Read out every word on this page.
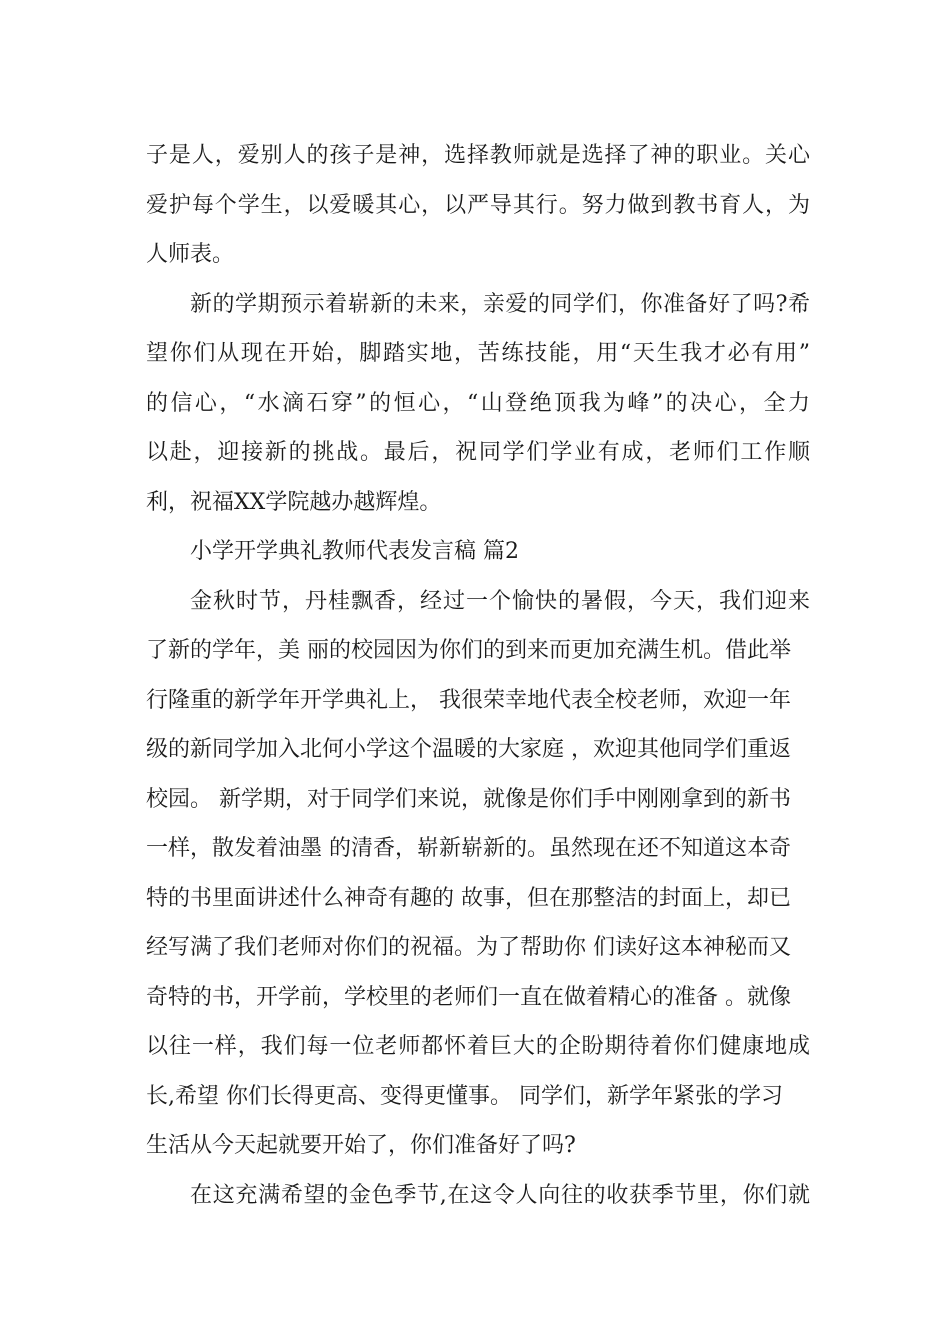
子是人，爱别人的孩子是神，选择教师就是选择了神的职业。关心
爱护每个学生，以爱暖其心，以严导其行。努力做到教书育人，为
人师表。
新的学期预示着崭新的未来，亲爱的同学们，你准备好了吗?希
望你们从现在开始，脚踏实地，苦练技能，用“天生我才必有用”
的信心，“水滴石穿”的恒心，“山登绝顶我为峰”的决心，全力
以赴，迎接新的挑战。最后，祝同学们学业有成，老师们工作顺
利，祝福XX学院越办越辉煌。
小学开学典礼教师代表发言稿 篇2
金秋时节，丹桂飘香，经过一个愉快的暑假，今天，我们迎来
了新的学年，美 丽的校园因为你们的到来而更加充满生机。借此举
行隆重的新学年开学典礼上， 我很荣幸地代表全校老师，欢迎一年
级的新同学加入北何小学这个温暖的大家庭 ，欢迎其他同学们重返
校园。 新学期，对于同学们来说，就像是你们手中刚刚拿到的新书
一样，散发着油墨 的清香，崭新崭新的。虽然现在还不知道这本奇
特的书里面讲述什么神奇有趣的 故事，但在那整洁的封面上，却已
经写满了我们老师对你们的祝福。为了帮助你 们读好这本神秘而又
奇特的书，开学前，学校里的老师们一直在做着精心的准备 。就像
以往一样，我们每一位老师都怀着巨大的企盼期待着你们健康地成
长,希望 你们长得更高、变得更懂事。 同学们，新学年紧张的学习
生活从今天起就要开始了，你们准备好了吗?
在这充满希望的金色季节,在这令人向往的收获季节里，你们就
